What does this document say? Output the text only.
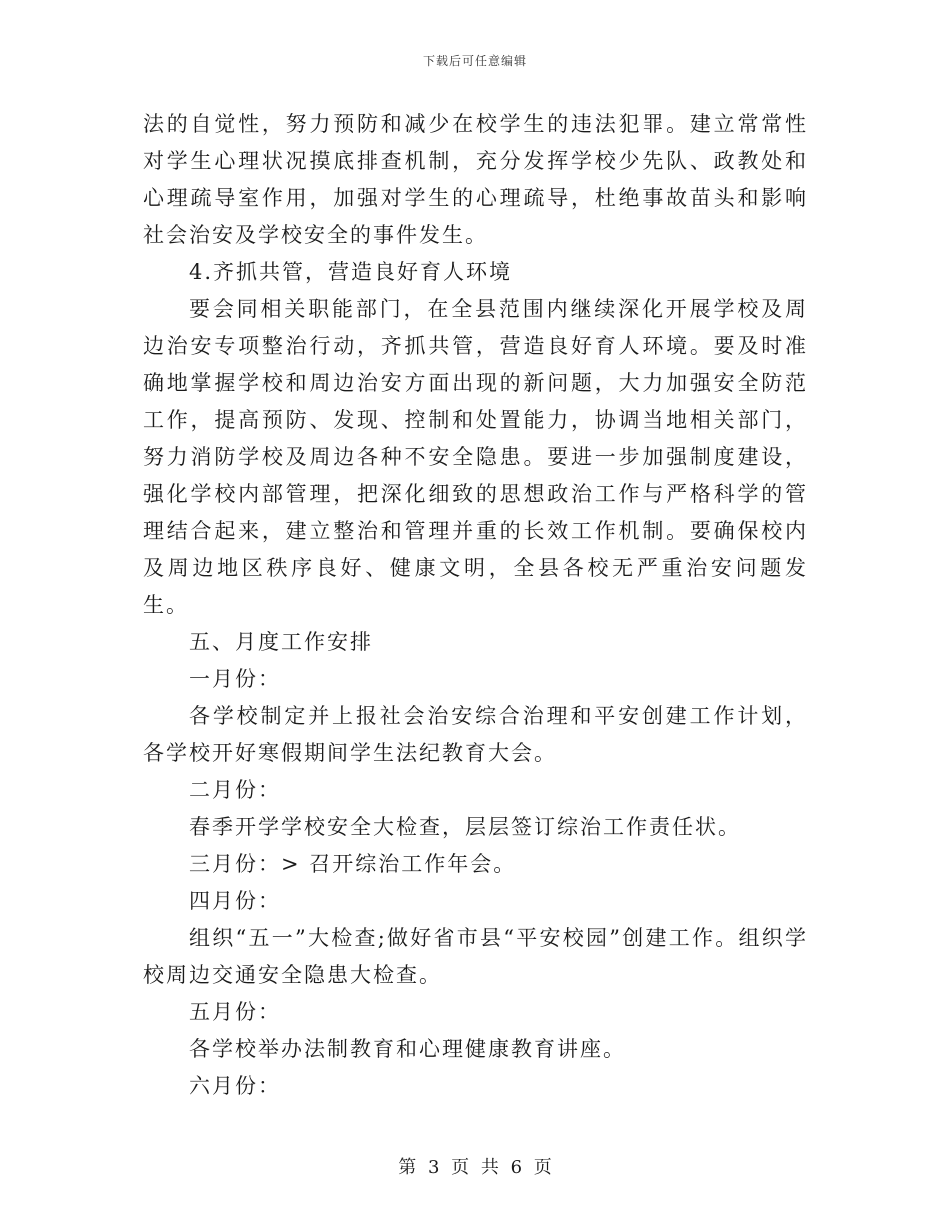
下载后可任意编辑

法的自觉性，努力预防和减少在校学生的违法犯罪。建立常常性对学生心理状况摸底排查机制，充分发挥学校少先队、政教处和心理疏导室作用，加强对学生的心理疏导，杜绝事故苗头和影响社会治安及学校安全的事件发生。

4.齐抓共管，营造良好育人环境

要会同相关职能部门，在全县范围内继续深化开展学校及周边治安专项整治行动，齐抓共管，营造良好育人环境。要及时准确地掌握学校和周边治安方面出现的新问题，大力加强安全防范工作，提高预防、发现、控制和处置能力，协调当地相关部门，努力消防学校及周边各种不安全隐患。要进一步加强制度建设，强化学校内部管理，把深化细致的思想政治工作与严格科学的管理结合起来，建立整治和管理并重的长效工作机制。要确保校内及周边地区秩序良好、健康文明，全县各校无严重治安问题发生。

五、月度工作安排

一月份：

各学校制定并上报社会治安综合治理和平安创建工作计划，各学校开好寒假期间学生法纪教育大会。

二月份：

春季开学学校安全大检查，层层签订综治工作责任状。

三月份：> 召开综治工作年会。

四月份：

组织“五一”大检查;做好省市县“平安校园”创建工作。组织学校周边交通安全隐患大检查。

五月份：

各学校举办法制教育和心理健康教育讲座。

六月份：

第 3 页 共 6 页
